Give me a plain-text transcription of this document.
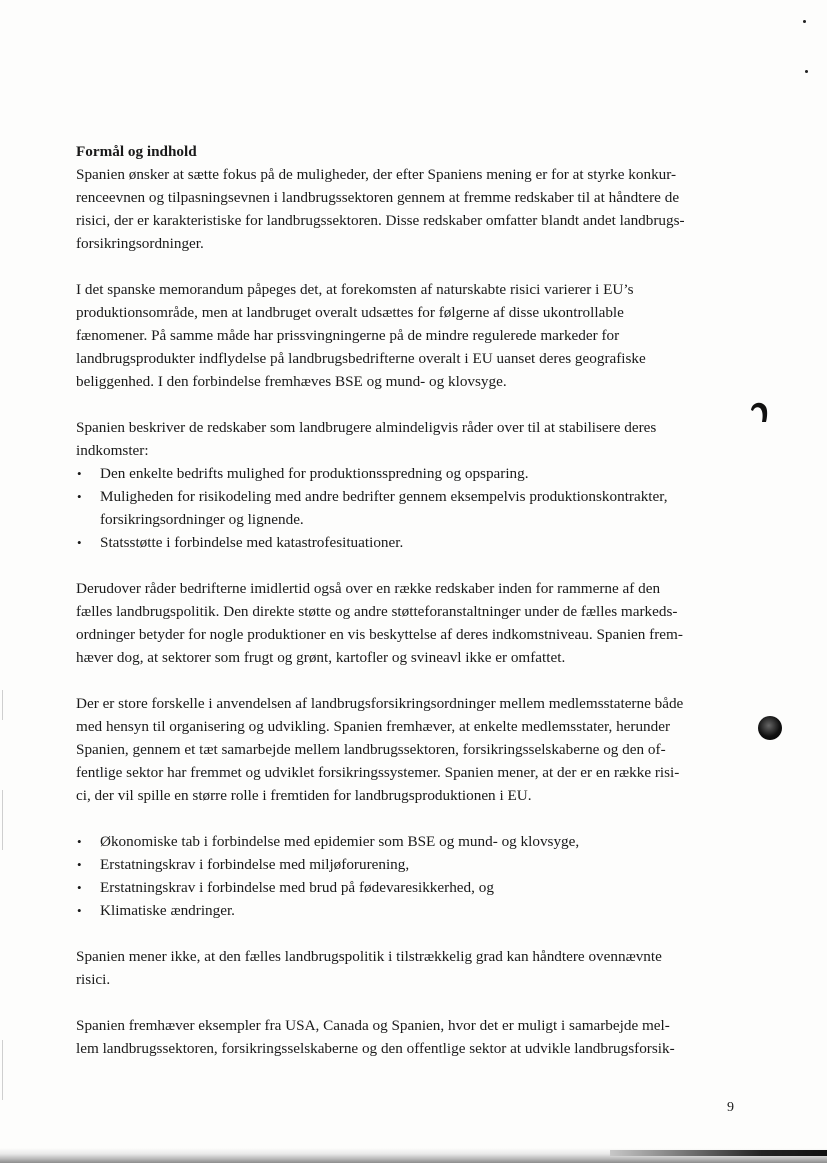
Formål og indhold

Spanien ønsker at sætte fokus på de muligheder, der efter Spaniens mening er for at styrke konkur-
renceevnen og tilpasningsevnen i landbrugssektoren gennem at fremme redskaber til at håndtere de
risici, der er karakteristiske for landbrugssektoren. Disse redskaber omfatter blandt andet landbrugs-
forsikringsordninger.
I det spanske memorandum påpeges det, at forekomsten af naturskabte risici varierer i EU’s
produktionsområde, men at landbruget overalt udsættes for følgerne af disse ukontrollable
fænomener. På samme måde har prissvingningerne på de mindre regulerede markeder for
landbrugsprodukter indflydelse på landbrugsbedrifterne overalt i EU uanset deres geografiske
beliggenhed. I den forbindelse fremhæves BSE og mund- og klovsyge.
Spanien beskriver de redskaber som landbrugere almindeligvis råder over til at stabilisere deres
indkomster:
• Den enkelte bedrifts mulighed for produktionsspredning og opsparing.
• Muligheden for risikodeling med andre bedrifter gennem eksempelvis produktionskontrakter,
forsikringsordninger og lignende.
• Statsstøtte i forbindelse med katastrofesituationer.
Derudover råder bedrifterne imidlertid også over en række redskaber inden for rammerne af den
fælles landbrugspolitik. Den direkte støtte og andre støtteforanstaltninger under de fælles markeds-
ordninger betyder for nogle produktioner en vis beskyttelse af deres indkomstniveau. Spanien frem-
hæver dog, at sektorer som frugt og grønt, kartofler og svineavl ikke er omfattet.
Der er store forskelle i anvendelsen af landbrugsforsikringsordninger mellem medlemsstaterne både
med hensyn til organisering og udvikling. Spanien fremhæver, at enkelte medlemsstater, herunder
Spanien, gennem et tæt samarbejde mellem landbrugssektoren, forsikringsselskaberne og den of-
fentlige sektor har fremmet og udviklet forsikringssystemer. Spanien mener, at der er en række risi-
ci, der vil spille en større rolle i fremtiden for landbrugsproduktionen i EU.
• Økonomiske tab i forbindelse med epidemier som BSE og mund- og klovsyge,
• Erstatningskrav i forbindelse med miljøforurening,
• Erstatningskrav i forbindelse med brud på fødevaresikkerhed, og
• Klimatiske ændringer.
Spanien mener ikke, at den fælles landbrugspolitik i tilstrækkelig grad kan håndtere ovennævnte
risici.
Spanien fremhæver eksempler fra USA, Canada og Spanien, hvor det er muligt i samarbejde mel-
lem landbrugssektoren, forsikringsselskaberne og den offentlige sektor at udvikle landbrugsforsik-
9
